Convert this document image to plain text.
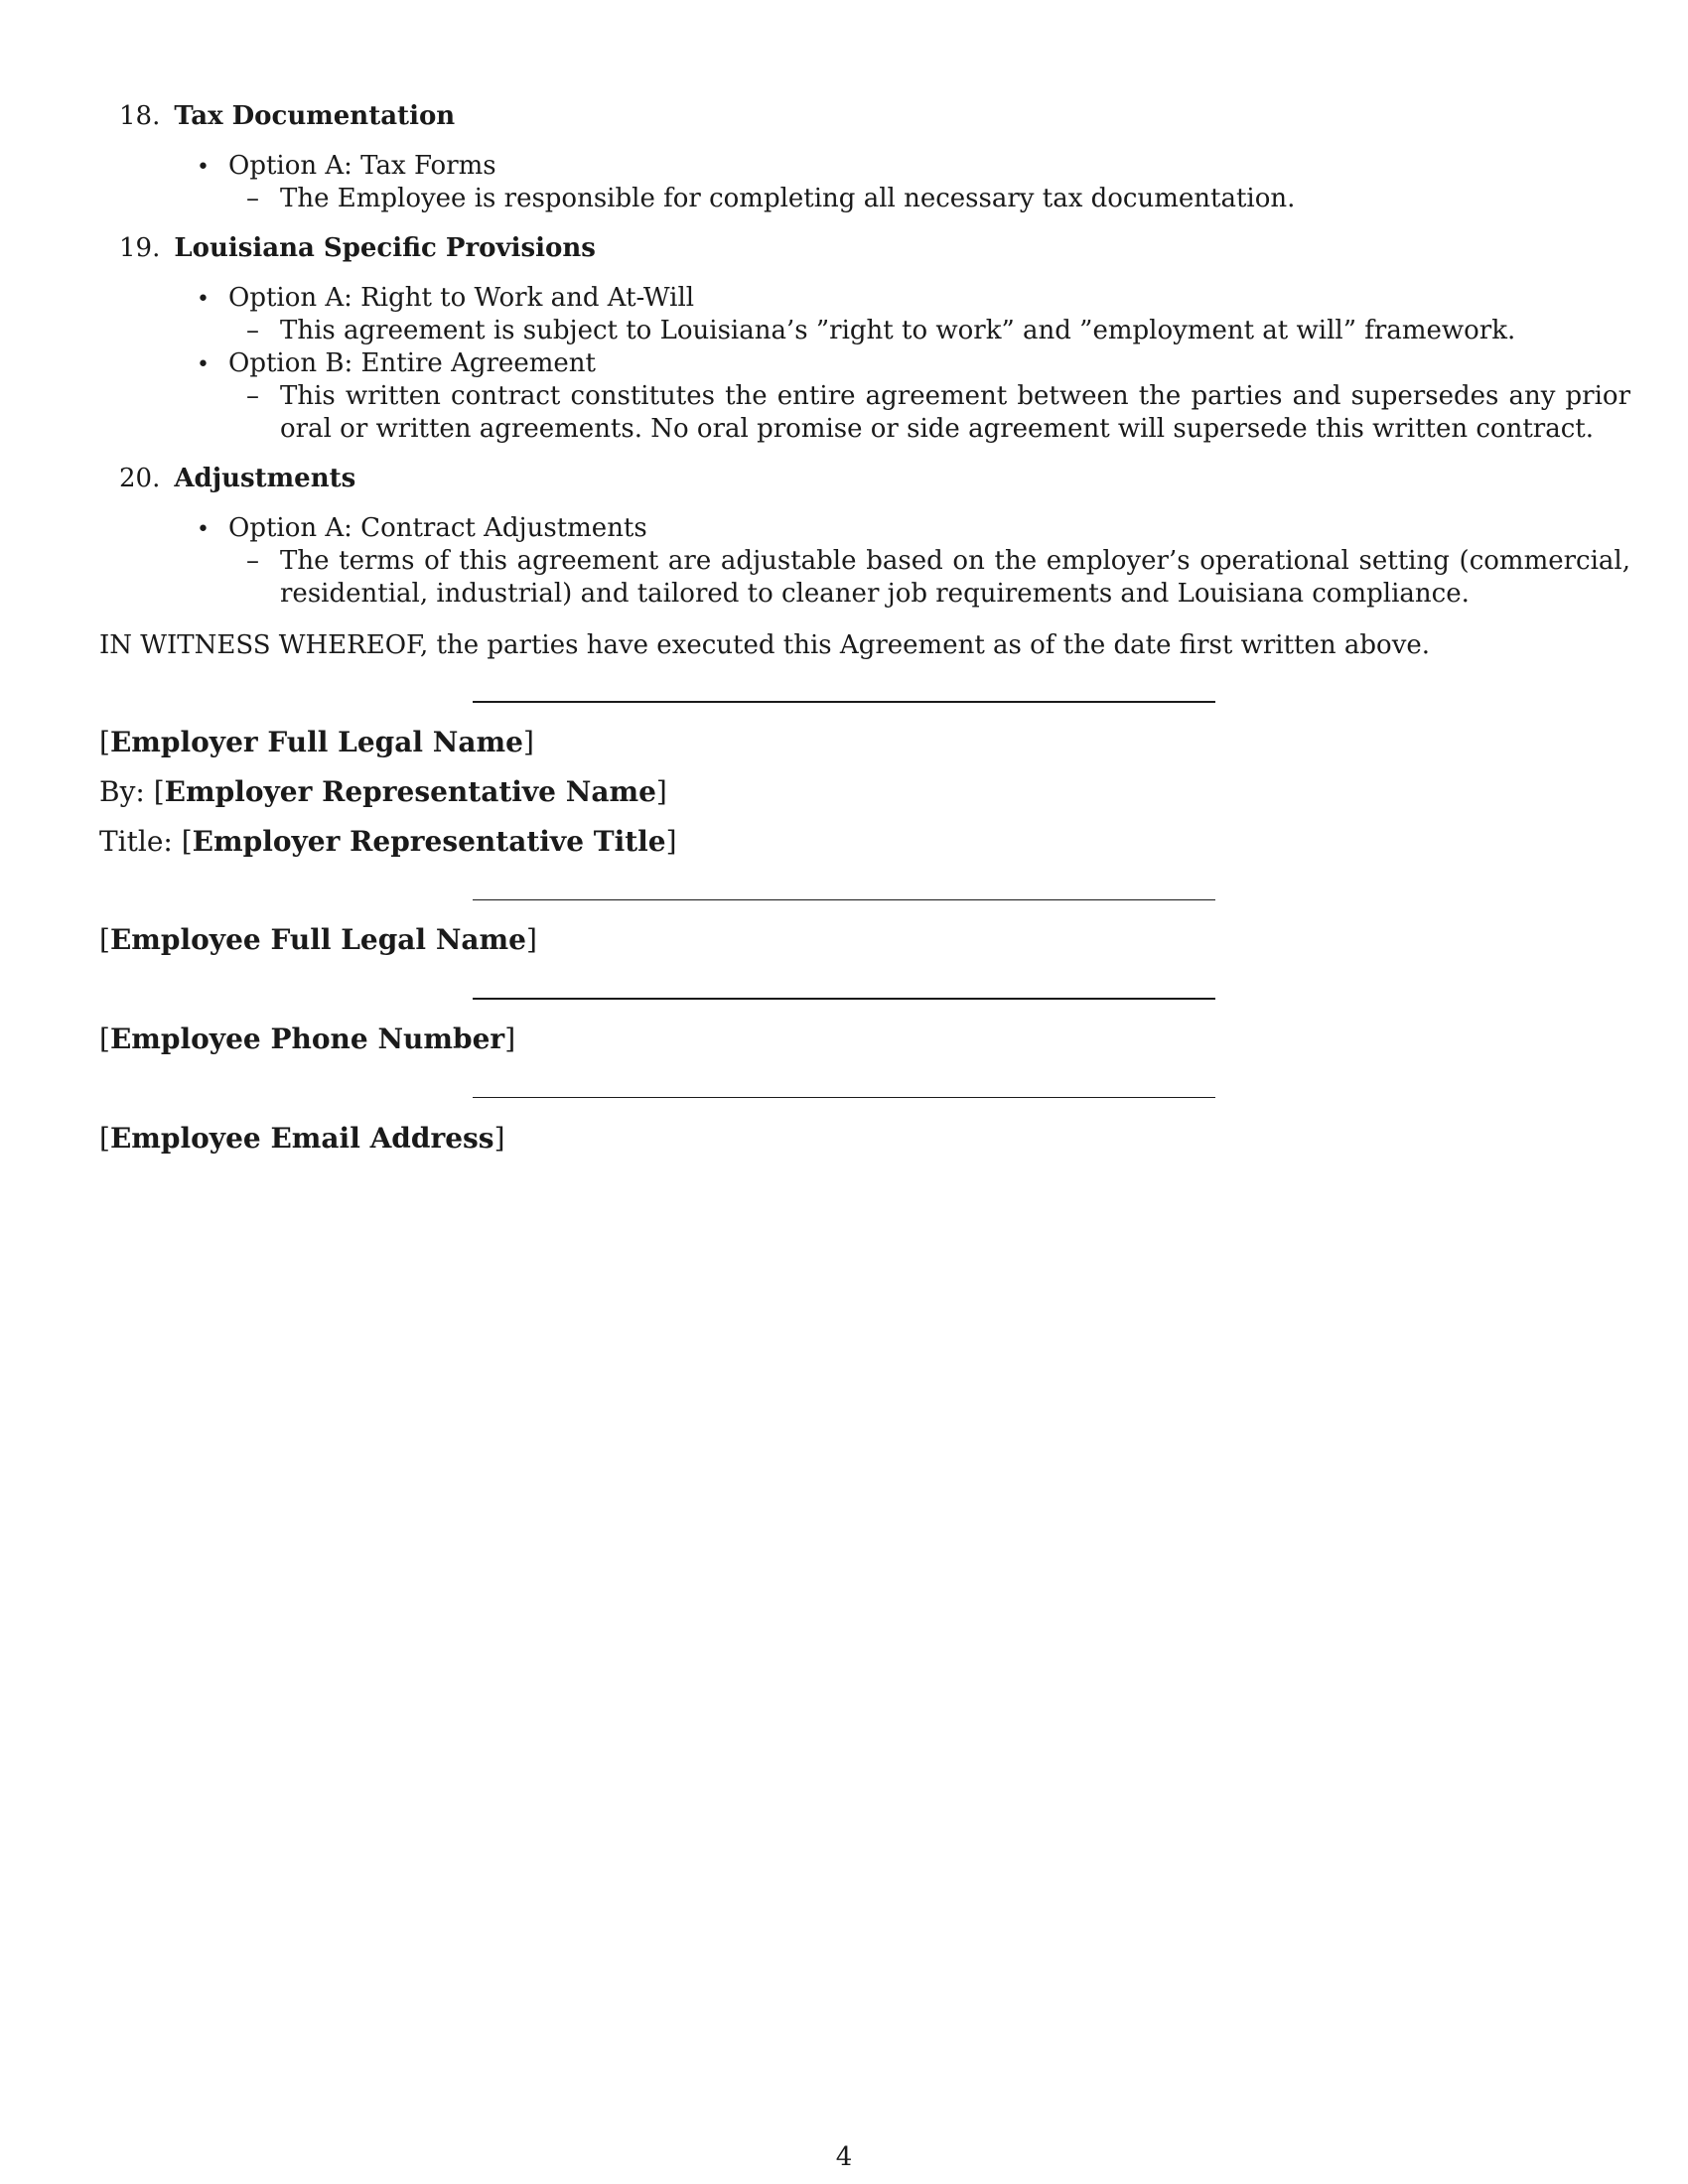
18. Tax Documentation
• Option A: Tax Forms
– The Employee is responsible for completing all necessary tax documentation.
19. Louisiana Specific Provisions
• Option A: Right to Work and At-Will
– This agreement is subject to Louisiana’s ”right to work” and ”employment at will” framework.
• Option B: Entire Agreement
– This written contract constitutes the entire agreement between the parties and supersedes any prior oral or written agreements. No oral promise or side agreement will supersede this written contract.
20. Adjustments
• Option A: Contract Adjustments
– The terms of this agreement are adjustable based on the employer’s operational setting (commercial, residential, industrial) and tailored to cleaner job requirements and Louisiana compliance.
IN WITNESS WHEREOF, the parties have executed this Agreement as of the date first written above.
[Employer Full Legal Name]
By: [Employer Representative Name]
Title: [Employer Representative Title]
[Employee Full Legal Name]
[Employee Phone Number]
[Employee Email Address]
4
